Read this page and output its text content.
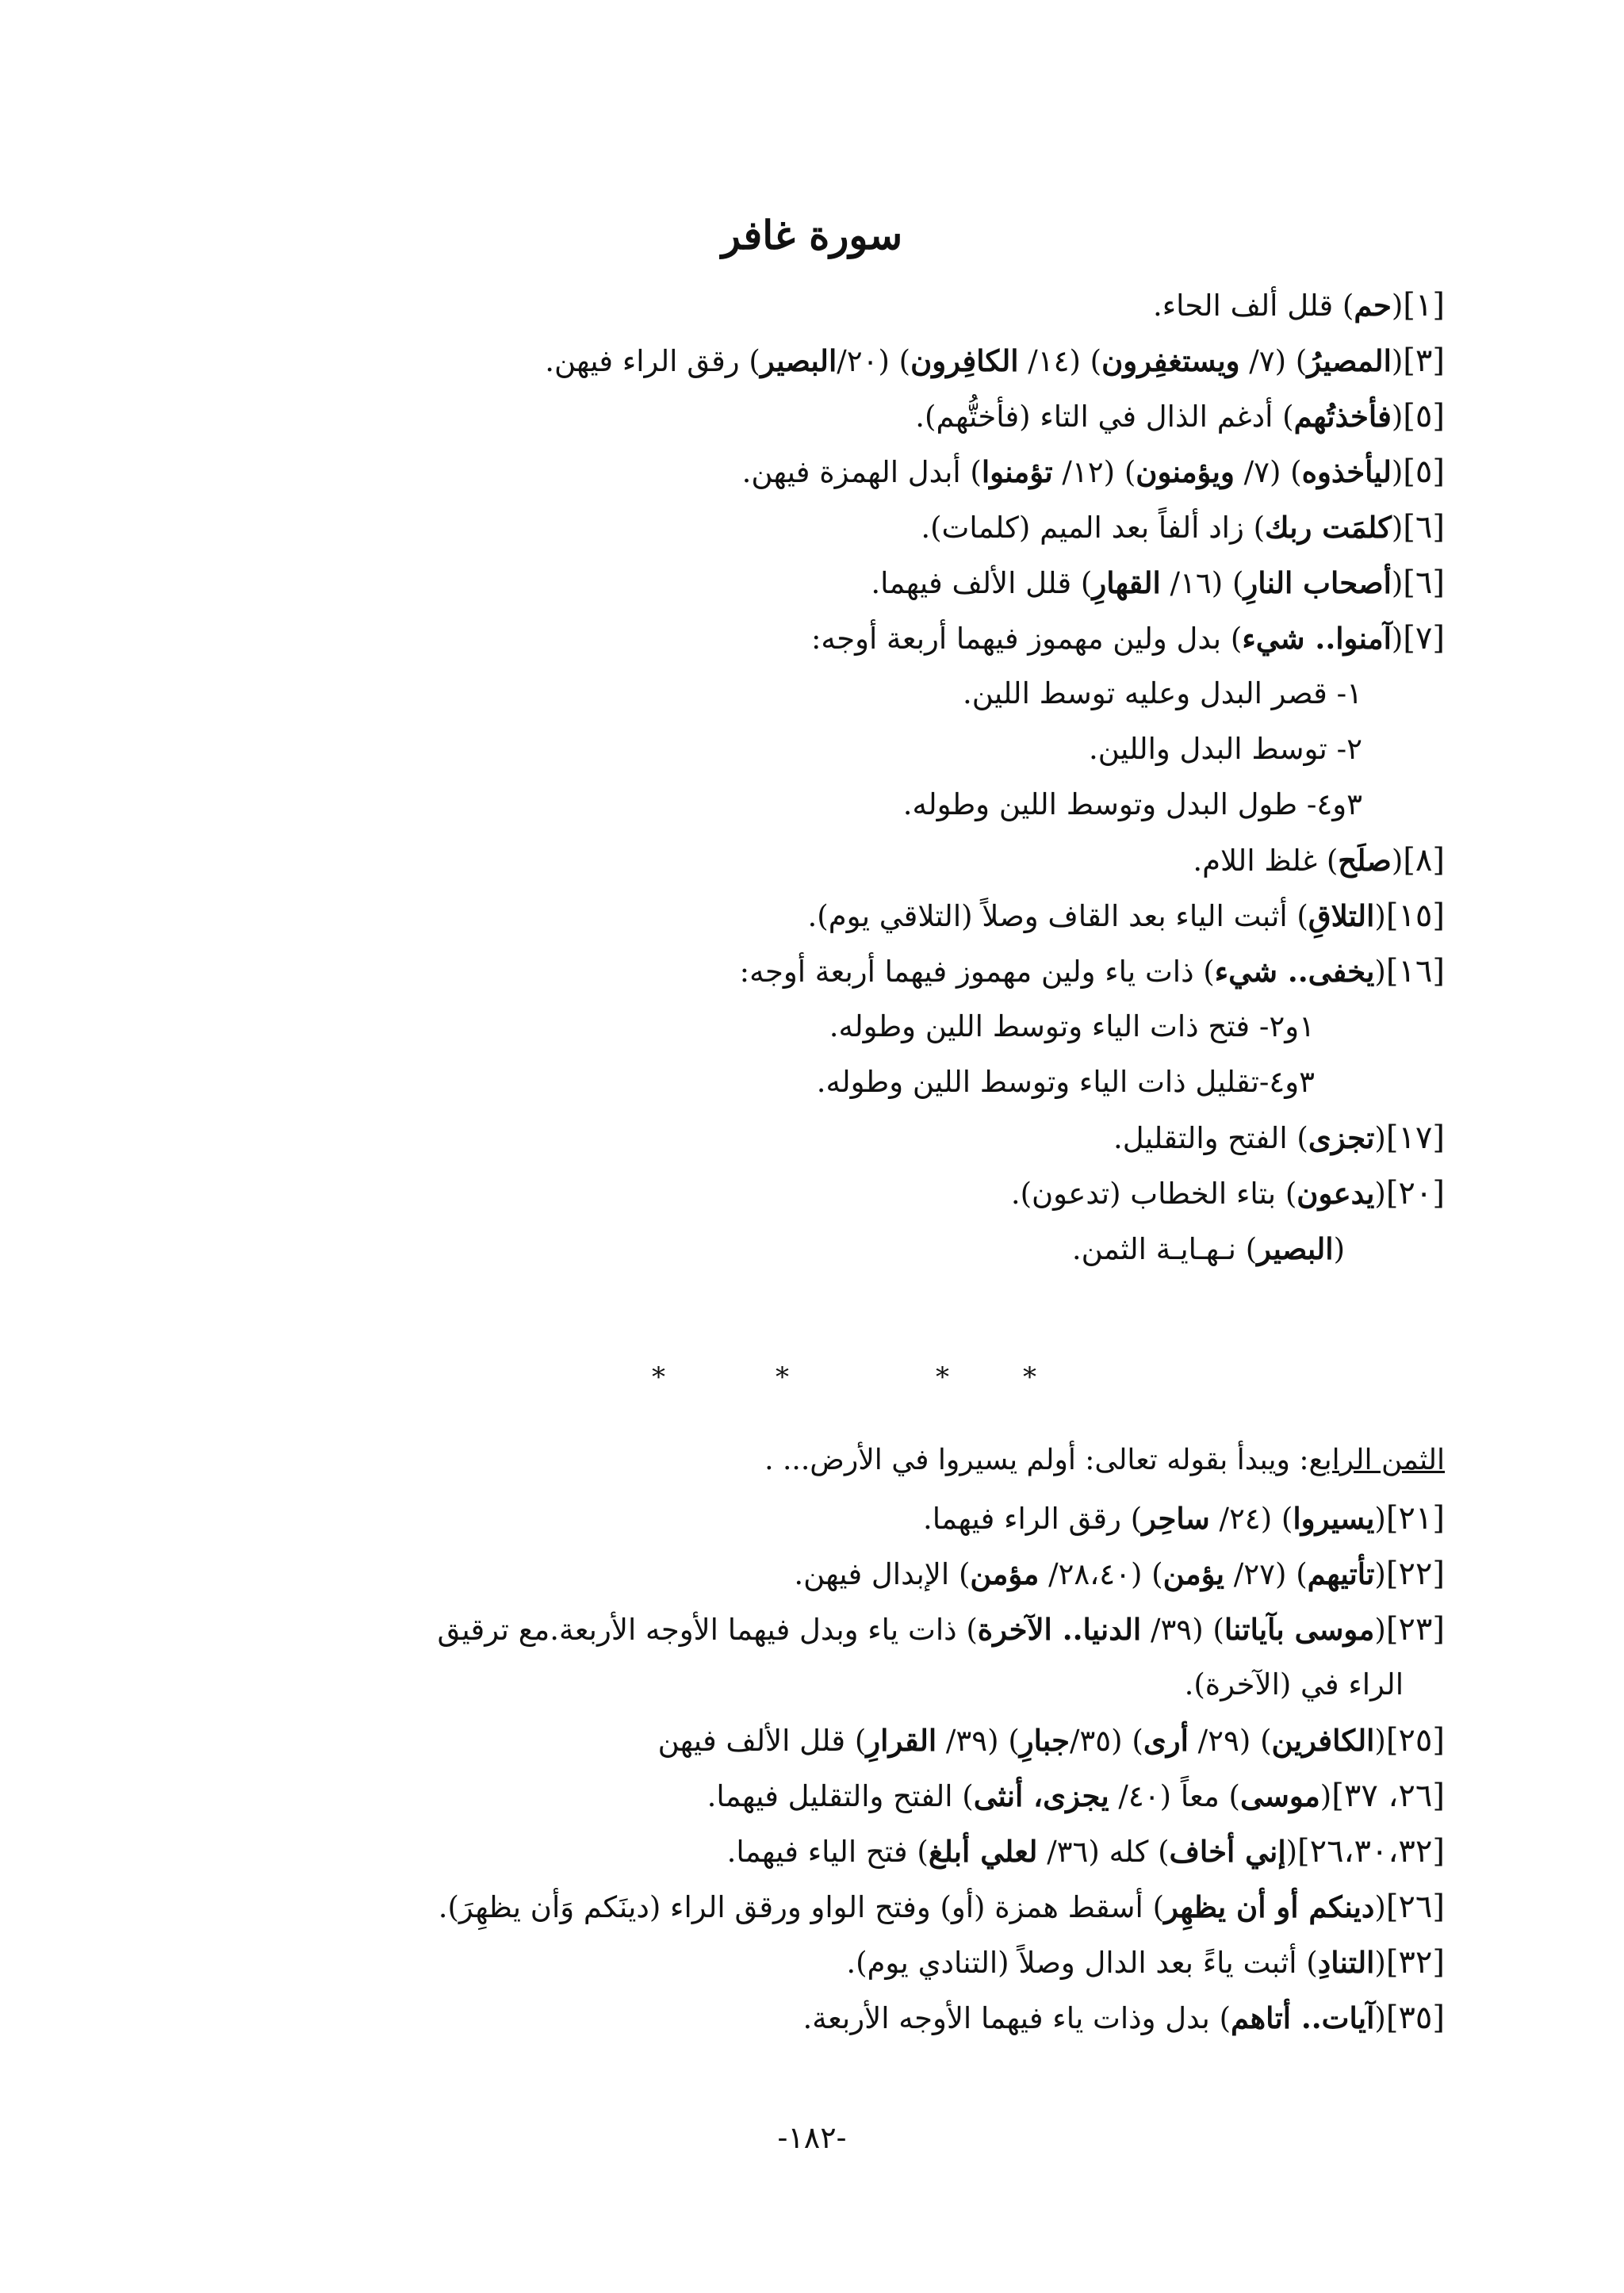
سورة غافر
[١](حم) قلل ألف الحاء.
[٣](المصيرُ) (٧/ ويستغفِرون) (١٤/ الكافِرون) (٢٠/البصير) رقق الراء فيهن.
[٥](فأخذتُهم) أدغم الذال في التاء (فأختُّهم).
[٥](ليأخذوه) (٧/ ويؤمنون) (١٢/ تؤمنوا) أبدل الهمزة فيهن.
[٦](كلمَت ربك) زاد ألفاً بعد الميم (كلمات).
[٦](أصحاب النارِ) (١٦/ القهارِ) قلل الألف فيهما.
[٧](آمنوا.. شيء) بدل ولين مهموز فيهما أربعة أوجه:
١- قصر البدل وعليه توسط اللين.
٢- توسط البدل واللين.
٣و٤- طول البدل وتوسط اللين وطوله.
[٨](صلَح) غلظ اللام.
[١٥](التلاقِ) أثبت الياء بعد القاف وصلاً (التلاقي يوم).
[١٦](يخفى.. شيء) ذات ياء ولين مهموز فيهما أربعة أوجه:
١و٢- فتح ذات الياء وتوسط اللين وطوله.
٣و٤-تقليل ذات الياء وتوسط اللين وطوله.
[١٧](تجزى) الفتح والتقليل.
[٢٠](يدعون) بتاء الخطاب (تدعون).
(البصير) نـهـايـة الثمن.
*	*	*	*
الثمن الرابع: ويبدأ بقوله تعالى: أولم يسيروا في الأرض... .
[٢١](يسيروا) (٢٤/ ساحِر) رقق الراء فيهما.
[٢٢](تأتيهم) (٢٧/ يؤمن) (٢٨،٤٠/ مؤمن) الإبدال فيهن.
[٢٣](موسى بآياتنا) (٣٩/ الدنيا.. الآخرة) ذات ياء وبدل فيهما الأوجه الأربعة.مع ترقيق
الراء في (الآخرة).
[٢٥](الكافرين) (٢٩/ أرى) (٣٥/جبارِ) (٣٩/ القرارِ) قلل الألف فيهن
[٢٦، ٣٧](موسى) معاً (٤٠/ يجزى، أنثى) الفتح والتقليل فيهما.
[٢٦،٣٠،٣٢](إني أخاف) كله (٣٦/ لعلي أبلغ) فتح الياء فيهما.
[٢٦](دينكم أو أن يظهِر) أسقط همزة (أو) وفتح الواو ورقق الراء (دينَكم وَأن يظهِرَ).
[٣٢](التنادِ) أثبت ياءً بعد الدال وصلاً (التنادي يوم).
[٣٥](آيات.. أتاهم) بدل وذات ياء فيهما الأوجه الأربعة.
-١٨٢-
